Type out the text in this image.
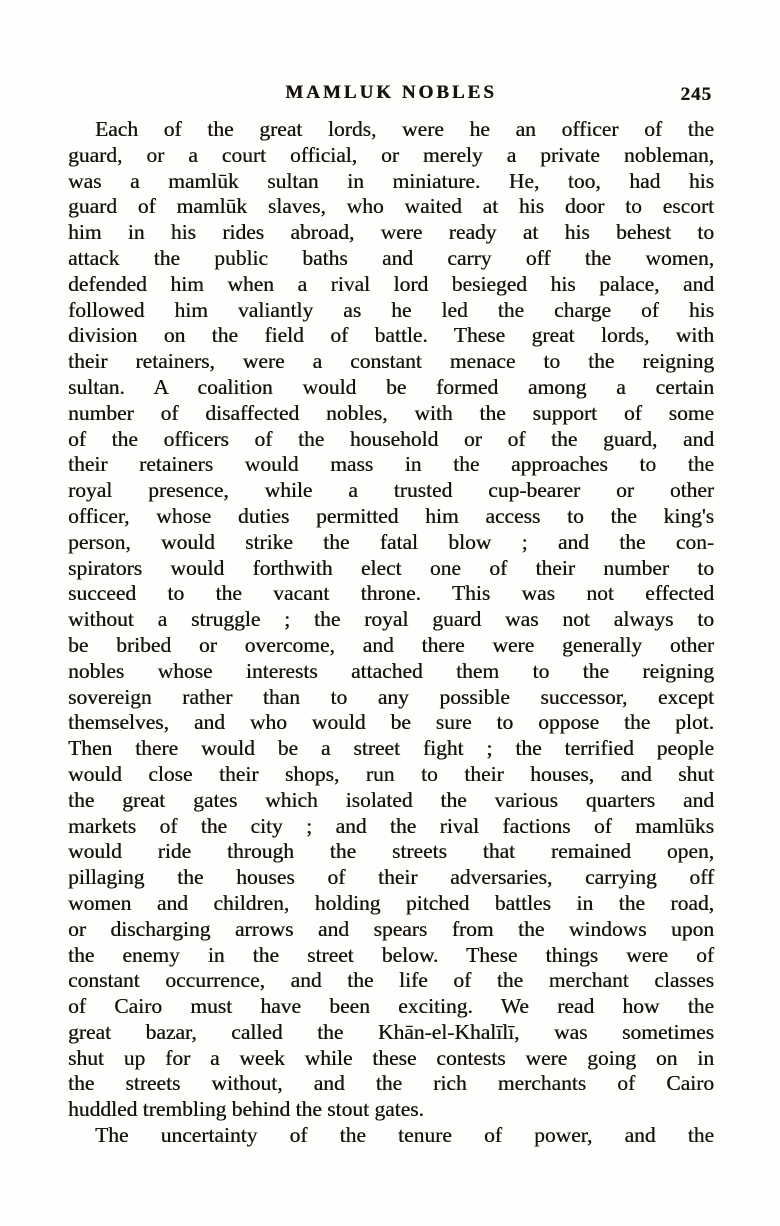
MAMLUK NOBLES	245
Each of the great lords, were he an officer of the
guard, or a court official, or merely a private nobleman,
was a mamlūk sultan in miniature. He, too, had his
guard of mamlūk slaves, who waited at his door to escort
him in his rides abroad, were ready at his behest to
attack the public baths and carry off the women,
defended him when a rival lord besieged his palace, and
followed him valiantly as he led the charge of his
division on the field of battle. These great lords, with
their retainers, were a constant menace to the reigning
sultan. A coalition would be formed among a certain
number of disaffected nobles, with the support of some
of the officers of the household or of the guard, and
their retainers would mass in the approaches to the
royal presence, while a trusted cup-bearer or other
officer, whose duties permitted him access to the king's
person, would strike the fatal blow ; and the con-
spirators would forthwith elect one of their number to
succeed to the vacant throne. This was not effected
without a struggle ; the royal guard was not always to
be bribed or overcome, and there were generally other
nobles whose interests attached them to the reigning
sovereign rather than to any possible successor, except
themselves, and who would be sure to oppose the plot.
Then there would be a street fight ; the terrified people
would close their shops, run to their houses, and shut
the great gates which isolated the various quarters and
markets of the city ; and the rival factions of mamlūks
would ride through the streets that remained open,
pillaging the houses of their adversaries, carrying off
women and children, holding pitched battles in the road,
or discharging arrows and spears from the windows upon
the enemy in the street below. These things were of
constant occurrence, and the life of the merchant classes
of Cairo must have been exciting. We read how the
great bazar, called the Khān-el-Khalīlī, was sometimes
shut up for a week while these contests were going on in
the streets without, and the rich merchants of Cairo
huddled trembling behind the stout gates.
The uncertainty of the tenure of power, and the
